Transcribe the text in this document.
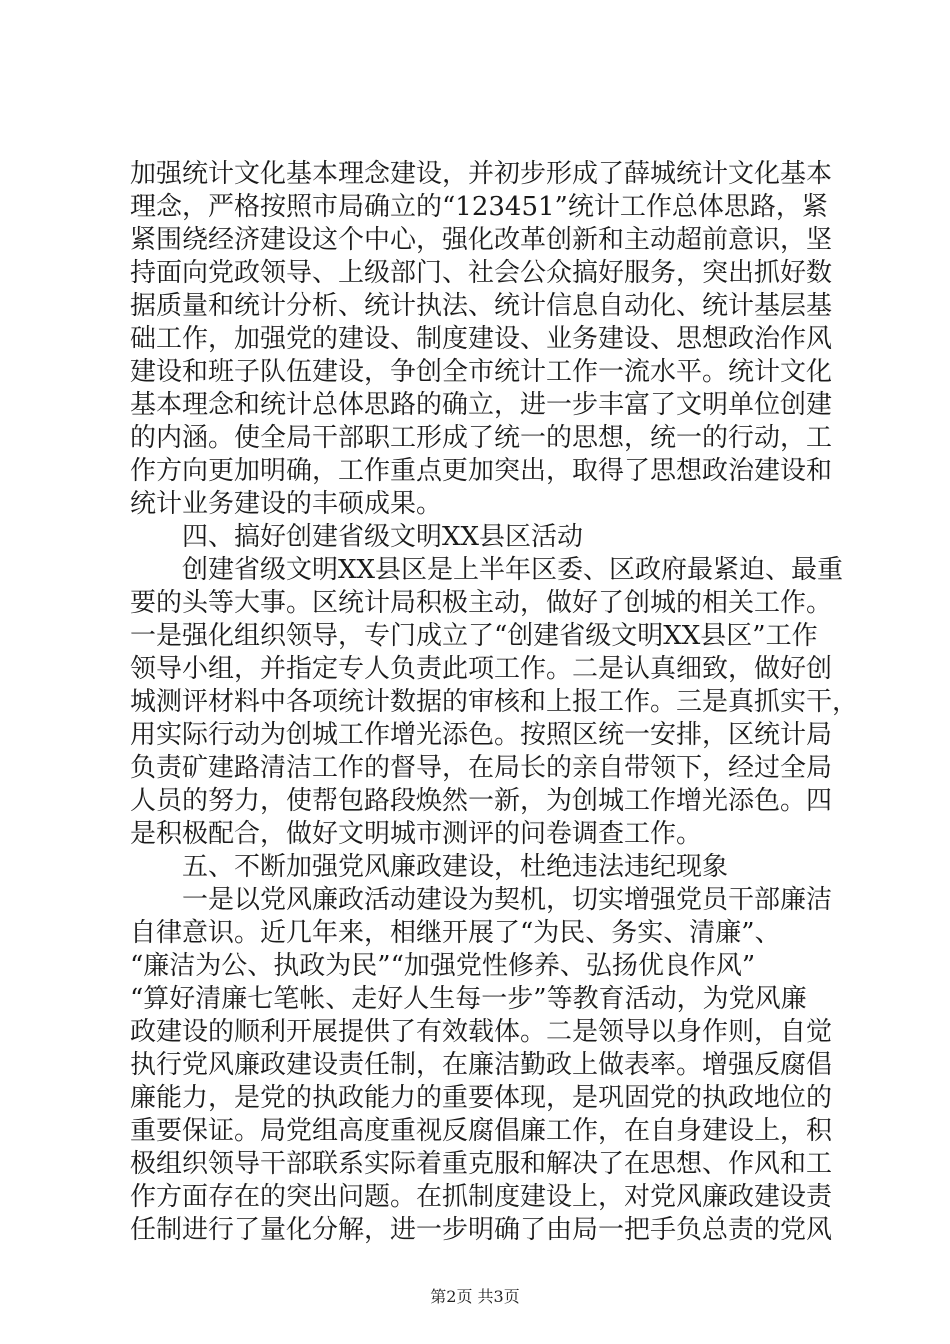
加强统计文化基本理念建设，并初步形成了薛城统计文化基本
理念，严格按照市局确立的“123451”统计工作总体思路，紧
紧围绕经济建设这个中心，强化改革创新和主动超前意识，坚
持面向党政领导、上级部门、社会公众搞好服务，突出抓好数
据质量和统计分析、统计执法、统计信息自动化、统计基层基
础工作，加强党的建设、制度建设、业务建设、思想政治作风
建设和班子队伍建设，争创全市统计工作一流水平。统计文化
基本理念和统计总体思路的确立，进一步丰富了文明单位创建
的内涵。使全局干部职工形成了统一的思想，统一的行动，工
作方向更加明确，工作重点更加突出，取得了思想政治建设和
统计业务建设的丰硕成果。
　　四、搞好创建省级文明XX县区活动
　　创建省级文明XX县区是上半年区委、区政府最紧迫、最重
要的头等大事。区统计局积极主动，做好了创城的相关工作。
一是强化组织领导，专门成立了“创建省级文明XX县区”工作
领导小组，并指定专人负责此项工作。二是认真细致，做好创
城测评材料中各项统计数据的审核和上报工作。三是真抓实干，
用实际行动为创城工作增光添色。按照区统一安排，区统计局
负责矿建路清洁工作的督导，在局长的亲自带领下，经过全局
人员的努力，使帮包路段焕然一新，为创城工作增光添色。四
是积极配合，做好文明城市测评的问卷调查工作。
　　五、不断加强党风廉政建设，杜绝违法违纪现象
　　一是以党风廉政活动建设为契机，切实增强党员干部廉洁
自律意识。近几年来，相继开展了“为民、务实、清廉”、
“廉洁为公、执政为民”“加强党性修养、弘扬优良作风”
“算好清廉七笔帐、走好人生每一步”等教育活动，为党风廉
政建设的顺利开展提供了有效载体。二是领导以身作则，自觉
执行党风廉政建设责任制，在廉洁勤政上做表率。增强反腐倡
廉能力，是党的执政能力的重要体现，是巩固党的执政地位的
重要保证。局党组高度重视反腐倡廉工作，在自身建设上，积
极组织领导干部联系实际着重克服和解决了在思想、作风和工
作方面存在的突出问题。在抓制度建设上，对党风廉政建设责
任制进行了量化分解，进一步明确了由局一把手负总责的党风
第2页 共3页
